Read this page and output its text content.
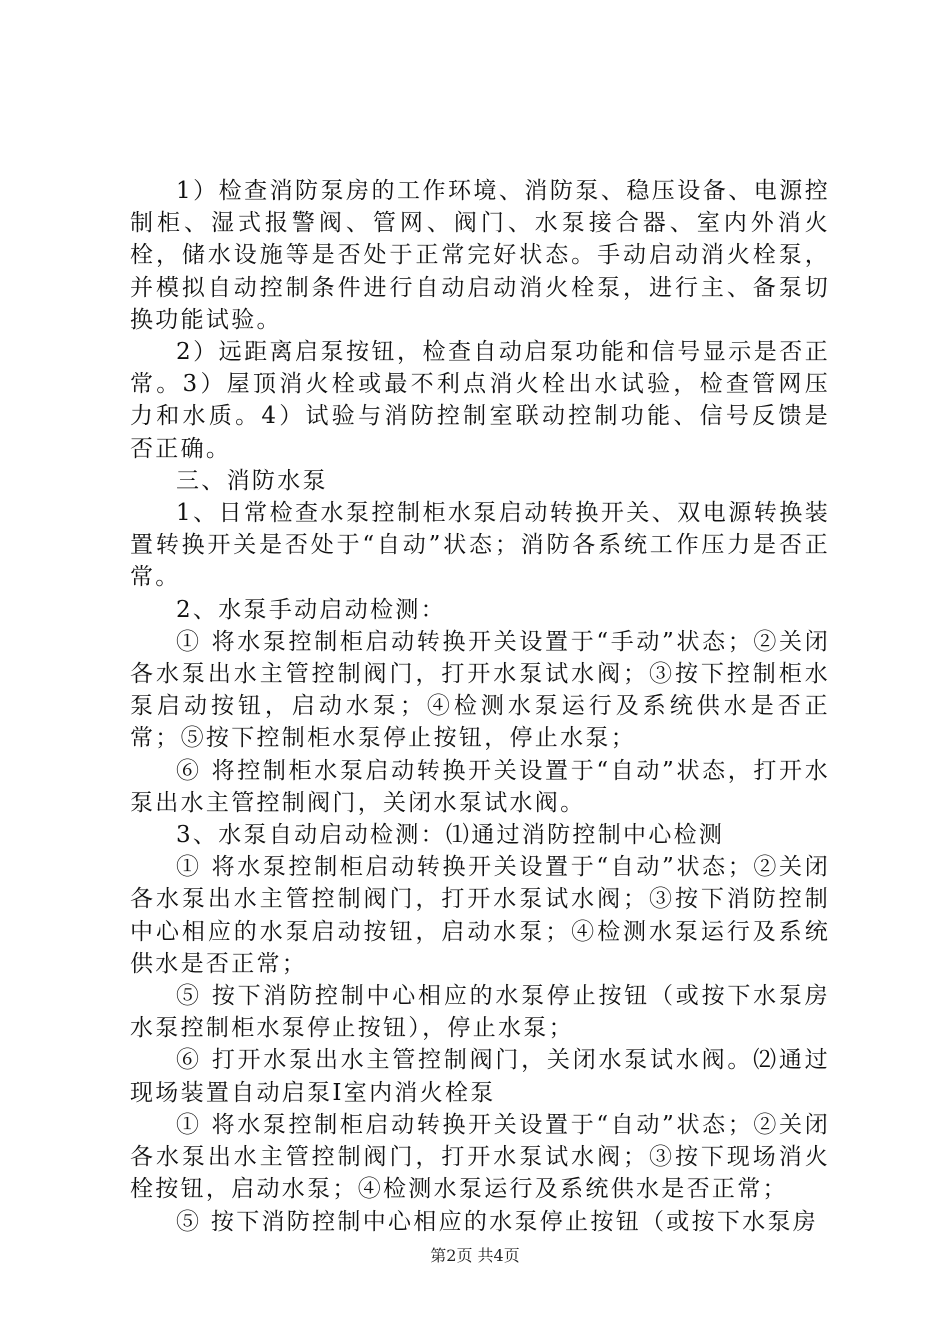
1）检查消防泵房的工作环境、消防泵、稳压设备、电源控制柜、湿式报警阀、管网、阀门、水泵接合器、室内外消火栓，储水设施等是否处于正常完好状态。手动启动消火栓泵，并模拟自动控制条件进行自动启动消火栓泵，进行主、备泵切换功能试验。

2）远距离启泵按钮，检查自动启泵功能和信号显示是否正常。3）屋顶消火栓或最不利点消火栓出水试验，检查管网压力和水质。4）试验与消防控制室联动控制功能、信号反馈是否正确。

三、消防水泵

1、日常检查水泵控制柜水泵启动转换开关、双电源转换装置转换开关是否处于“自动”状态；消防各系统工作压力是否正常。

2、水泵手动启动检测：

① 将水泵控制柜启动转换开关设置于“手动”状态；②关闭各水泵出水主管控制阀门，打开水泵试水阀；③按下控制柜水泵启动按钮，启动水泵；④检测水泵运行及系统供水是否正常；⑤按下控制柜水泵停止按钮，停止水泵；

⑥ 将控制柜水泵启动转换开关设置于“自动”状态，打开水泵出水主管控制阀门，关闭水泵试水阀。

3、水泵自动启动检测：⑴通过消防控制中心检测

① 将水泵控制柜启动转换开关设置于“自动”状态；②关闭各水泵出水主管控制阀门，打开水泵试水阀；③按下消防控制中心相应的水泵启动按钮，启动水泵；④检测水泵运行及系统供水是否正常；

⑤ 按下消防控制中心相应的水泵停止按钮（或按下水泵房水泵控制柜水泵停止按钮），停止水泵；

⑥ 打开水泵出水主管控制阀门，关闭水泵试水阀。⑵通过现场装置自动启泵Ⅰ室内消火栓泵

① 将水泵控制柜启动转换开关设置于“自动”状态；②关闭各水泵出水主管控制阀门，打开水泵试水阀；③按下现场消火栓按钮，启动水泵；④检测水泵运行及系统供水是否正常；

⑤ 按下消防控制中心相应的水泵停止按钮（或按下水泵房

第2页 共4页
